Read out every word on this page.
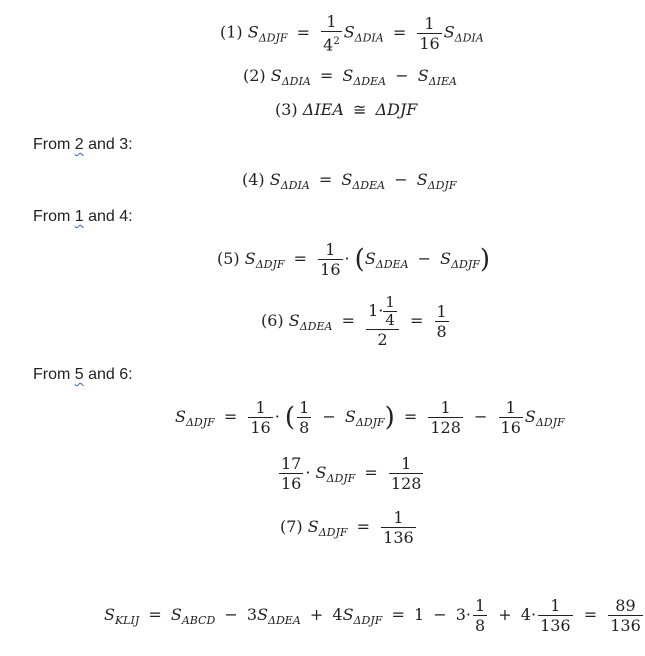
(1) $S_{\Delta DJF} = \frac{1}{4^2} S_{\Delta DIA} = \frac{1}{16} S_{\Delta DIA}$
(2) $S_{\Delta DIA} = S_{\Delta DEA} - S_{\Delta IEA}$
(3) ΔIEA ≅ ΔDJF
From 2 and 3:
(4) $S_{\Delta DIA} = S_{\Delta DEA} - S_{\Delta DJF}$
From 1 and 4:
(5) $S_{\Delta DJF} = \frac{1}{16} \cdot (S_{\Delta DEA} - S_{\Delta DJF})$
(6) $S_{\Delta DEA} = \frac{1\cdot \frac{1}{4}}{2} = \frac{1}{8}$
From 5 and 6:
$S_{\Delta DJF} = \frac{1}{16}$ · ( $\frac{1}{8} - S_{\Delta DJF}) = \frac{1}{128} - \frac{1}{16} S_{\Delta DJF}$
$\frac{17}{16} \cdot S_{\Delta DJF} = \frac{1}{128}$
(7) $S_{\Delta DJF} = \frac{1}{136}$
$S_{KLIJ} = S_{ABCD} - 3S_{\Delta DEA} + 4S_{\Delta DJF} = 1 - 3\cdot \frac{1}{8} + 4\cdot \frac{1}{136} = \frac{89}{136}$
